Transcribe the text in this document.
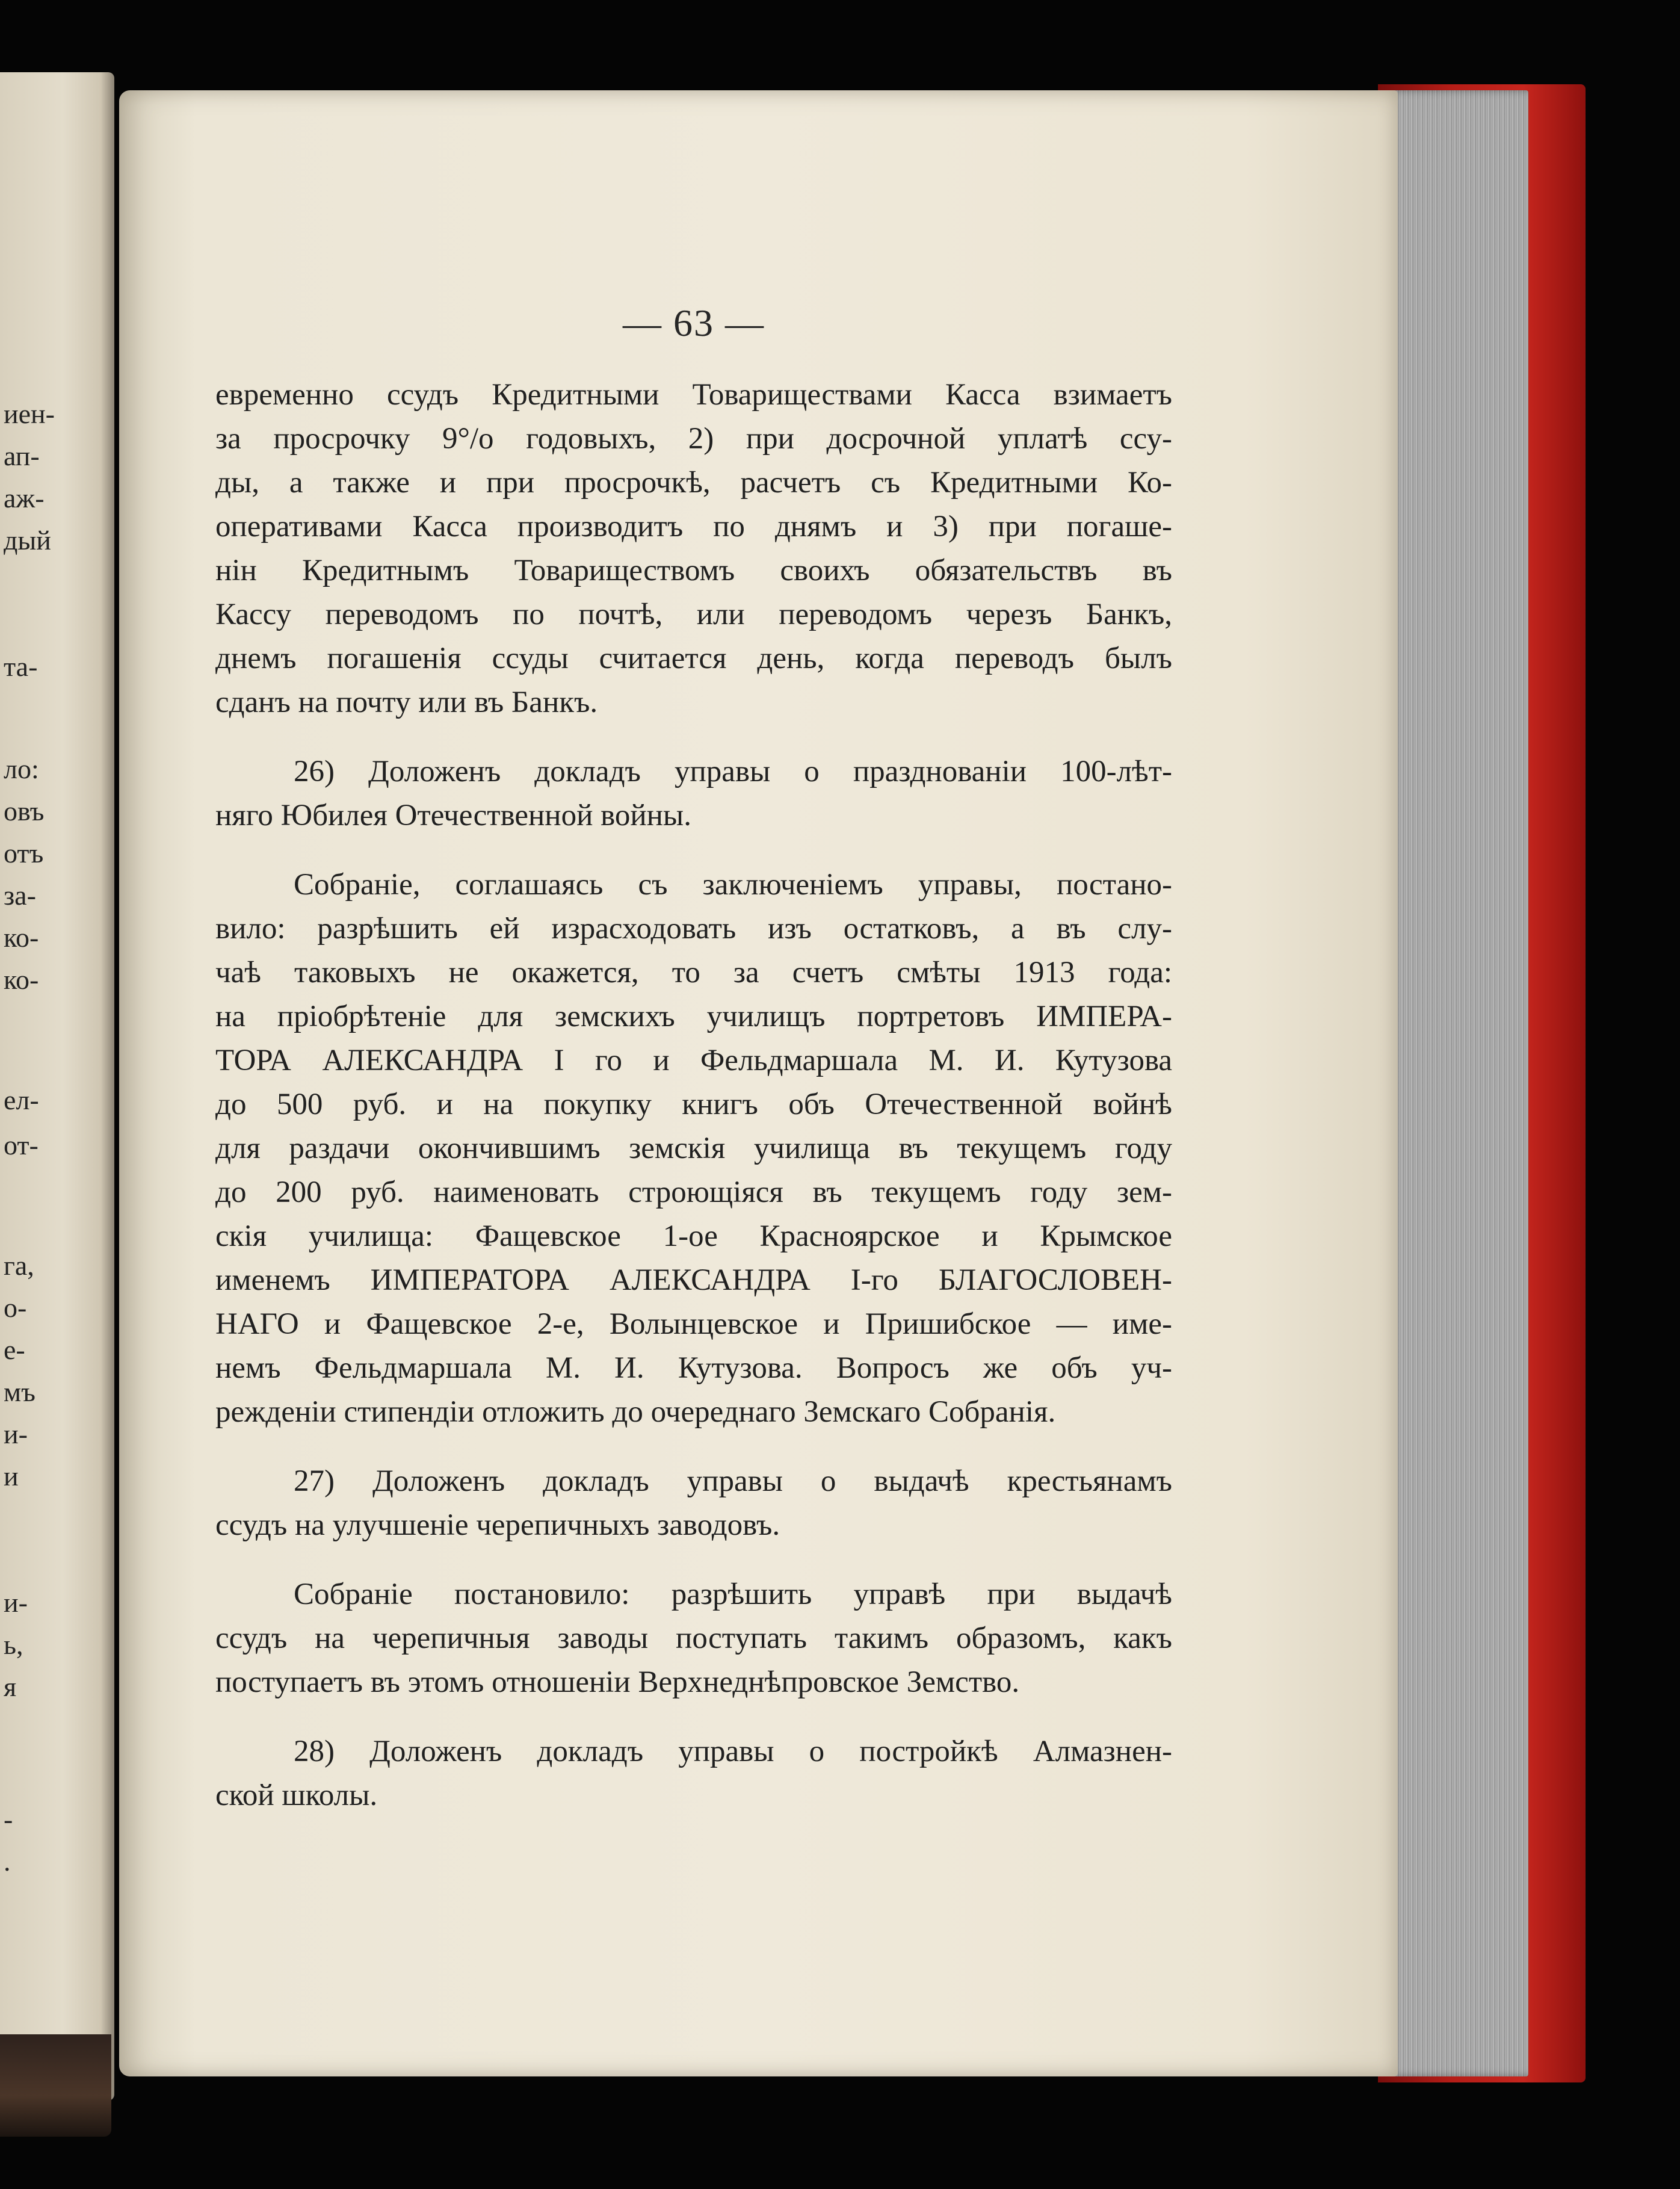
иен-
ап-
аж-
дый
та-
ло:
овъ
отъ
за-
ко-
ко-
ел-
от-
га,
о-
е-
мъ
и-
и
и-
ь,
я
-
.
— 63 —
евременно ссудъ Кредитными Товариществами Касса взимаетъ
за просрочку 9°/o годовыхъ, 2) при досрочной уплатѣ ссу-
ды, а также и при просрочкѣ, расчетъ съ Кредитными Ко-
оперативами Касса производитъ по днямъ и 3) при погаше-
нін Кредитнымъ Товариществомъ своихъ обязательствъ въ
Кассу переводомъ по почтѣ, или переводомъ черезъ Банкъ,
днемъ погашенія ссуды считается день, когда переводъ былъ
сданъ на почту или въ Банкъ.
26) Доложенъ докладъ управы о празднованіи 100-лѣт-
няго Юбилея Отечественной войны.
Собраніе, соглашаясь съ заключеніемъ управы, постано-
вило: разрѣшить ей израсходовать изъ остатковъ, а въ слу-
чаѣ таковыхъ не окажется, то за счетъ смѣты 1913 года:
на пріобрѣтеніе для земскихъ училищъ портретовъ ИМПЕРА-
ТОРА АЛЕКСАНДРА I го и Фельдмаршала М. И. Кутузова
до 500 руб. и на покупку книгъ объ Отечественной войнѣ
для раздачи окончившимъ земскія училища въ текущемъ году
до 200 руб. наименовать строющіяся въ текущемъ году зем-
скія училища: Фащевское 1-ое Красноярское и Крымское
именемъ ИМПЕРАТОРА АЛЕКСАНДРА I-го БЛАГОСЛОВЕН-
НАГО и Фащевское 2-е, Волынцевское и Пришибское — име-
немъ Фельдмаршала М. И. Кутузова. Вопросъ же объ уч-
режденіи стипендіи отложить до очереднаго Земскаго Собранія.
27) Доложенъ докладъ управы о выдачѣ крестьянамъ
ссудъ на улучшеніе черепичныхъ заводовъ.
Собраніе постановило: разрѣшить управѣ при выдачѣ
ссудъ на черепичныя заводы поступать такимъ образомъ, какъ
поступаетъ въ этомъ отношеніи Верхнеднѣпровское Земство.
28) Доложенъ докладъ управы о постройкѣ Алмазнен-
ской школы.
